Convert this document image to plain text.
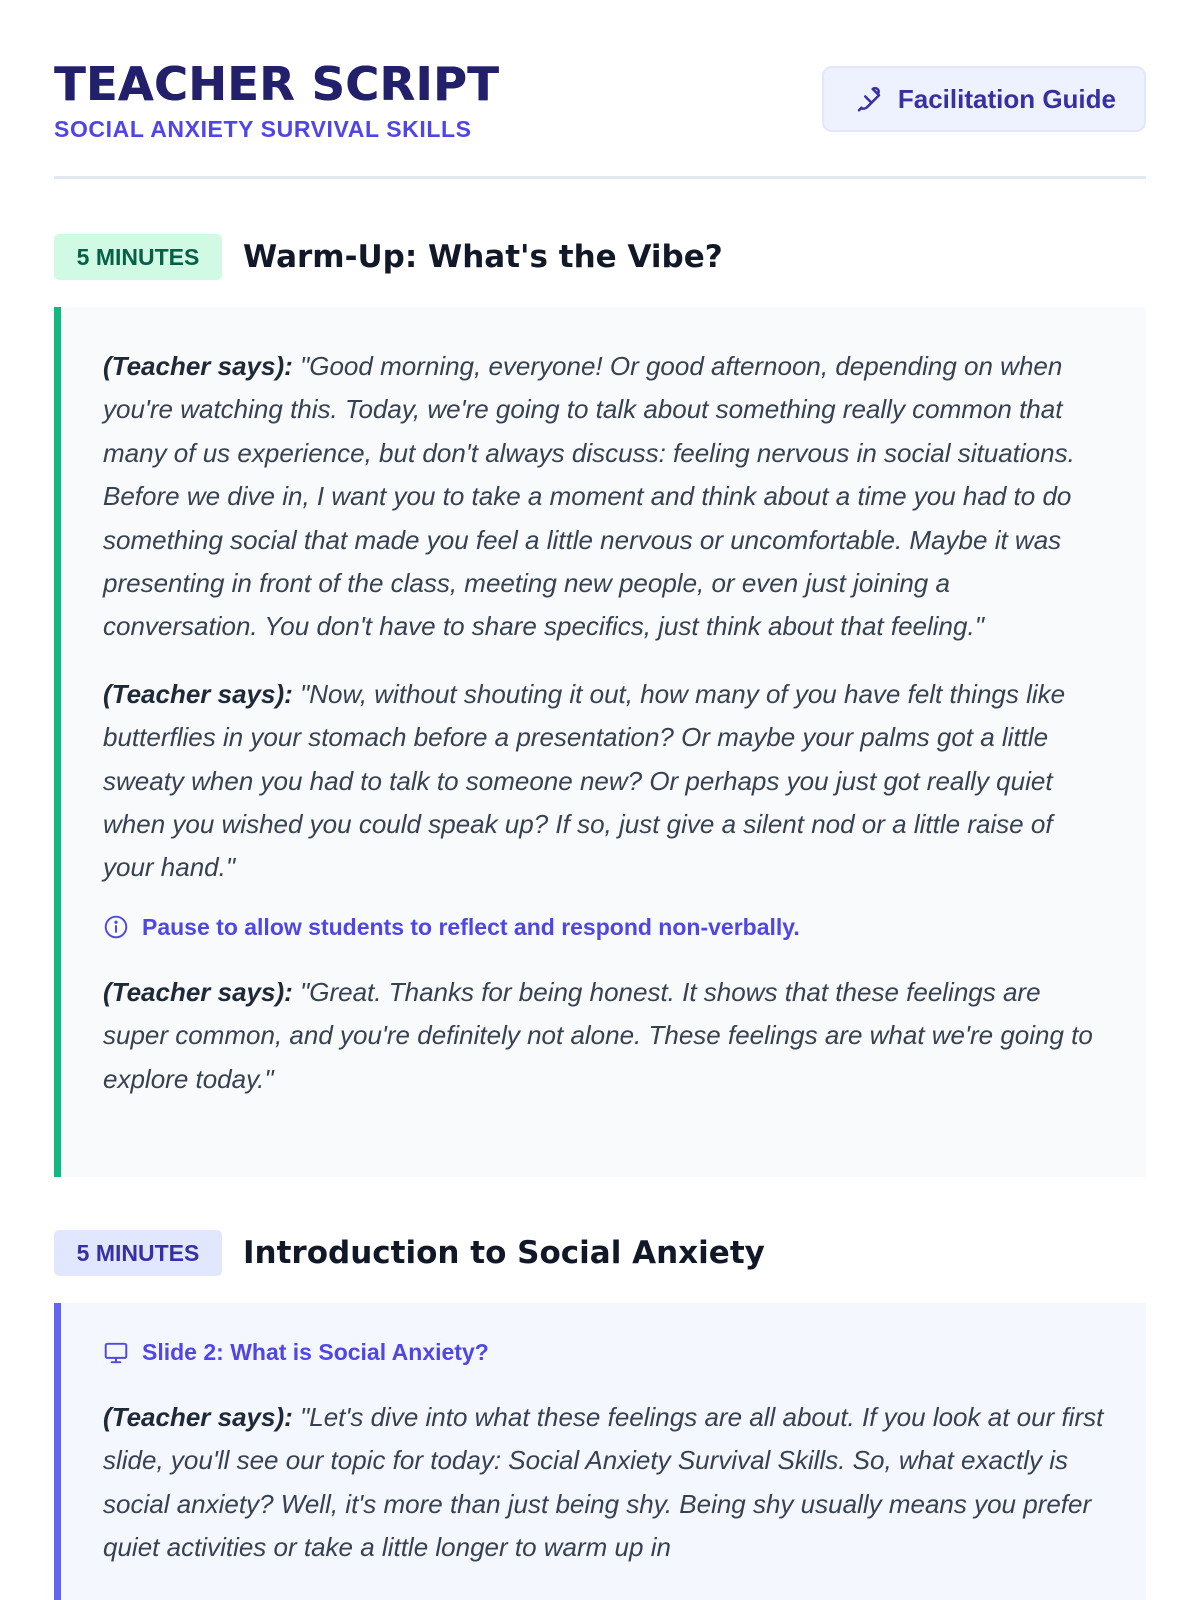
TEACHER SCRIPT
SOCIAL ANXIETY SURVIVAL SKILLS
Facilitation Guide
5 MINUTES	Warm-Up: What's the Vibe?

(Teacher says): "Good morning, everyone! Or good afternoon, depending on when you're watching this. Today, we're going to talk about something really common that many of us experience, but don't always discuss: feeling nervous in social situations. Before we dive in, I want you to take a moment and think about a time you had to do something social that made you feel a little nervous or uncomfortable. Maybe it was presenting in front of the class, meeting new people, or even just joining a conversation. You don't have to share specifics, just think about that feeling."

(Teacher says): "Now, without shouting it out, how many of you have felt things like butterflies in your stomach before a presentation? Or maybe your palms got a little sweaty when you had to talk to someone new? Or perhaps you just got really quiet when you wished you could speak up? If so, just give a silent nod or a little raise of your hand."

Pause to allow students to reflect and respond non-verbally.

(Teacher says): "Great. Thanks for being honest. It shows that these feelings are super common, and you're definitely not alone. These feelings are what we're going to explore today."

5 MINUTES	Introduction to Social Anxiety
Slide 2: What is Social Anxiety?

(Teacher says): "Let's dive into what these feelings are all about. If you look at our first slide, you'll see our topic for today: Social Anxiety Survival Skills. So, what exactly is social anxiety? Well, it's more than just being shy. Being shy usually means you prefer quiet activities or take a little longer to warm up in
